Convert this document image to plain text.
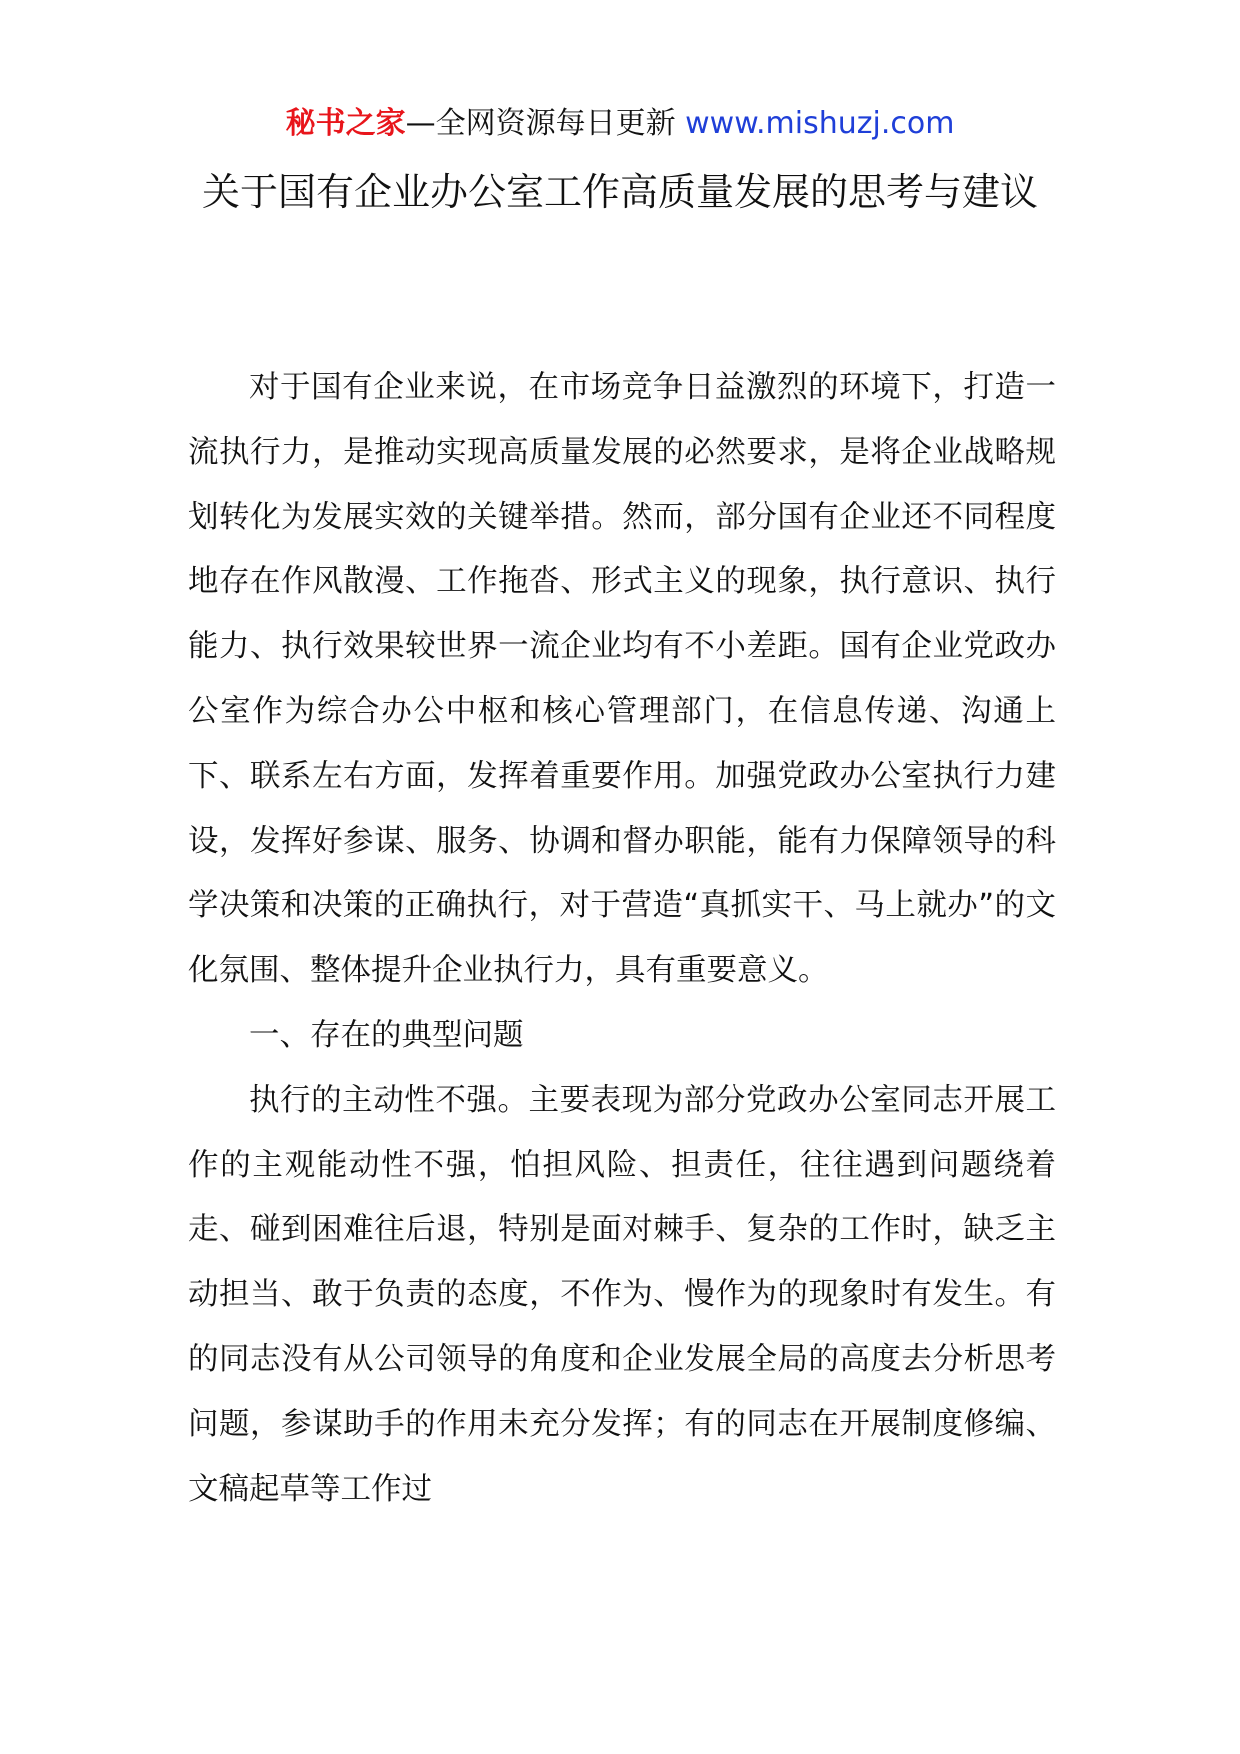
秘书之家—全网资源每日更新 www.mishuzj.com
关于国有企业办公室工作高质量发展的思考与建议

对于国有企业来说，在市场竞争日益激烈的环境下，打造一流执行力，是推动实现高质量发展的必然要求，是将企业战略规划转化为发展实效的关键举措。然而，部分国有企业还不同程度地存在作风散漫、工作拖沓、形式主义的现象，执行意识、执行能力、执行效果较世界一流企业均有不小差距。国有企业党政办公室作为综合办公中枢和核心管理部门，在信息传递、沟通上下、联系左右方面，发挥着重要作用。加强党政办公室执行力建设，发挥好参谋、服务、协调和督办职能，能有力保障领导的科学决策和决策的正确执行，对于营造“真抓实干、马上就办”的文化氛围、整体提升企业执行力，具有重要意义。

一、存在的典型问题

执行的主动性不强。主要表现为部分党政办公室同志开展工作的主观能动性不强，怕担风险、担责任，往往遇到问题绕着走、碰到困难往后退，特别是面对棘手、复杂的工作时，缺乏主动担当、敢于负责的态度，不作为、慢作为的现象时有发生。有的同志没有从公司领导的角度和企业发展全局的高度去分析思考问题，参谋助手的作用未充分发挥；有的同志在开展制度修编、文稿起草等工作过
